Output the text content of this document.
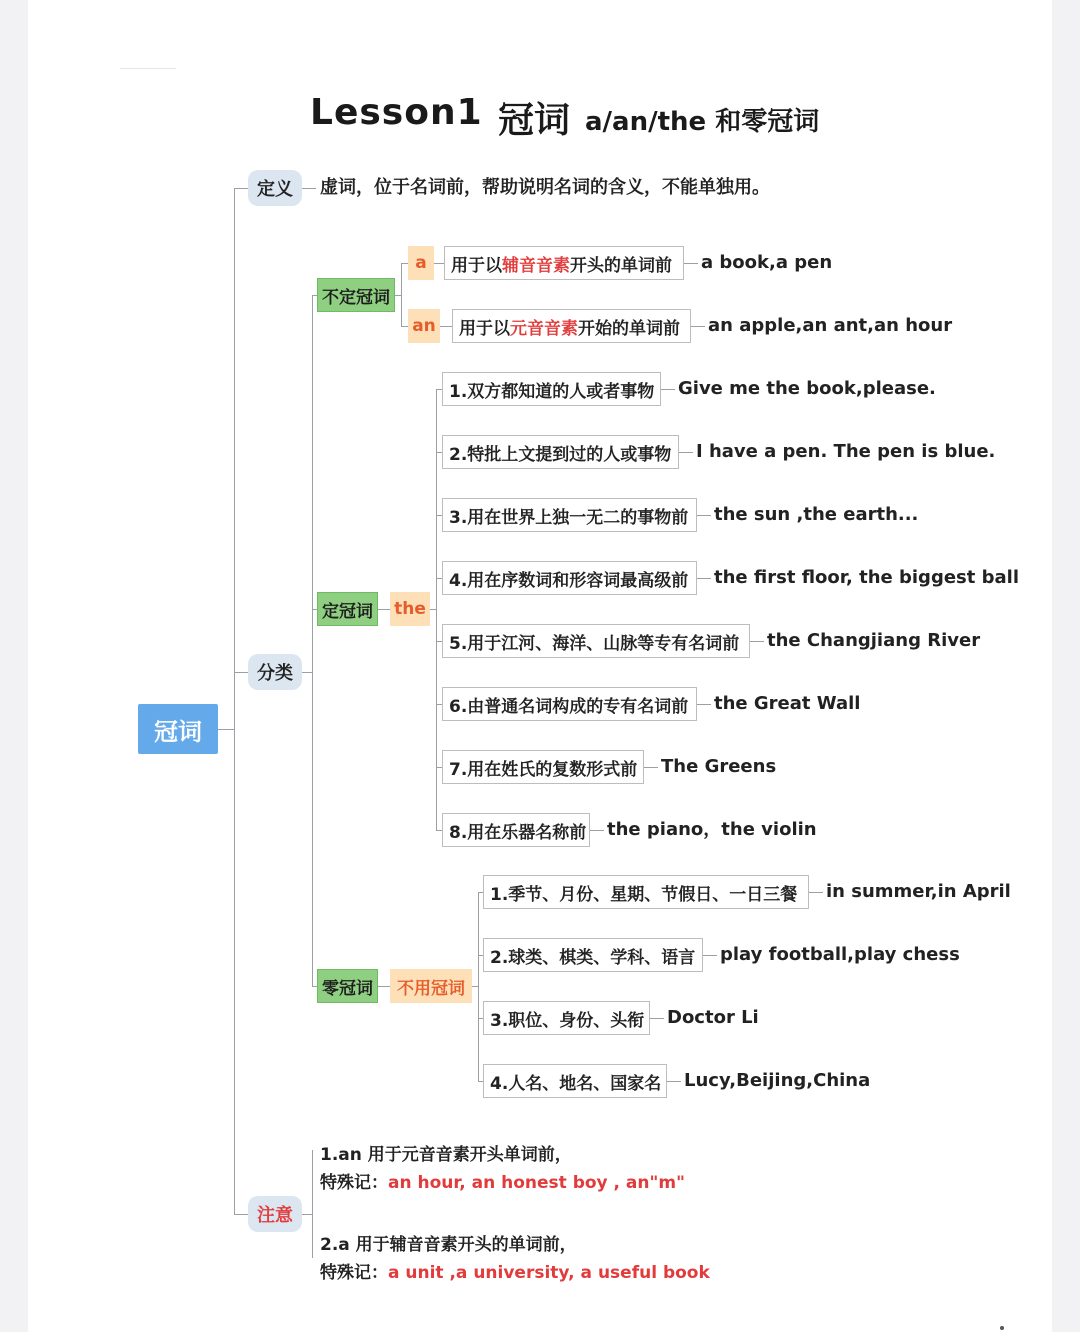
Lesson1 冠词 a/an/the 和零冠词
冠词
定义	虚词，位于名词前，帮助说明名词的含义，不能单独用。
分类
注意
不定冠词
a	用于以 辅音音素 开头的单词前 a book,a pen
an 用于以 元音音素 开始的单词前 an apple,an ant,an hour
定冠词 the
1.双方都知道的人或者事物	Give me the book,please.
2.特批上文提到过的人或事物	I have a pen. The pen is blue.
3.用在世界上独一无二的事物前	the sun ,the earth...
4.用在序数词和形容词最高级前	the first floor, the biggest ball
5.用于江河、海洋、山脉等专有名词前	the Changjiang River
6.由普通名词构成的专有名词前	the Great Wall
7.用在姓氏的复数形式前	The Greens
8.用在乐器名称前 the piano，the violin
零冠词	不用冠词
1.季节、月份、星期、节假日、一日三餐	in summer,in April
2.球类、棋类、学科、语言	play football,play chess
3.职位、身份、头衔	Doctor Li
4.人名、地名、国家名	Lucy,Beijing,China
1.an 用于元音音素开头单词前，
特殊记：an hour, an honest boy , an"m"
2.a 用于辅音音素开头的单词前，
特殊记：a unit ,a university, a useful book
